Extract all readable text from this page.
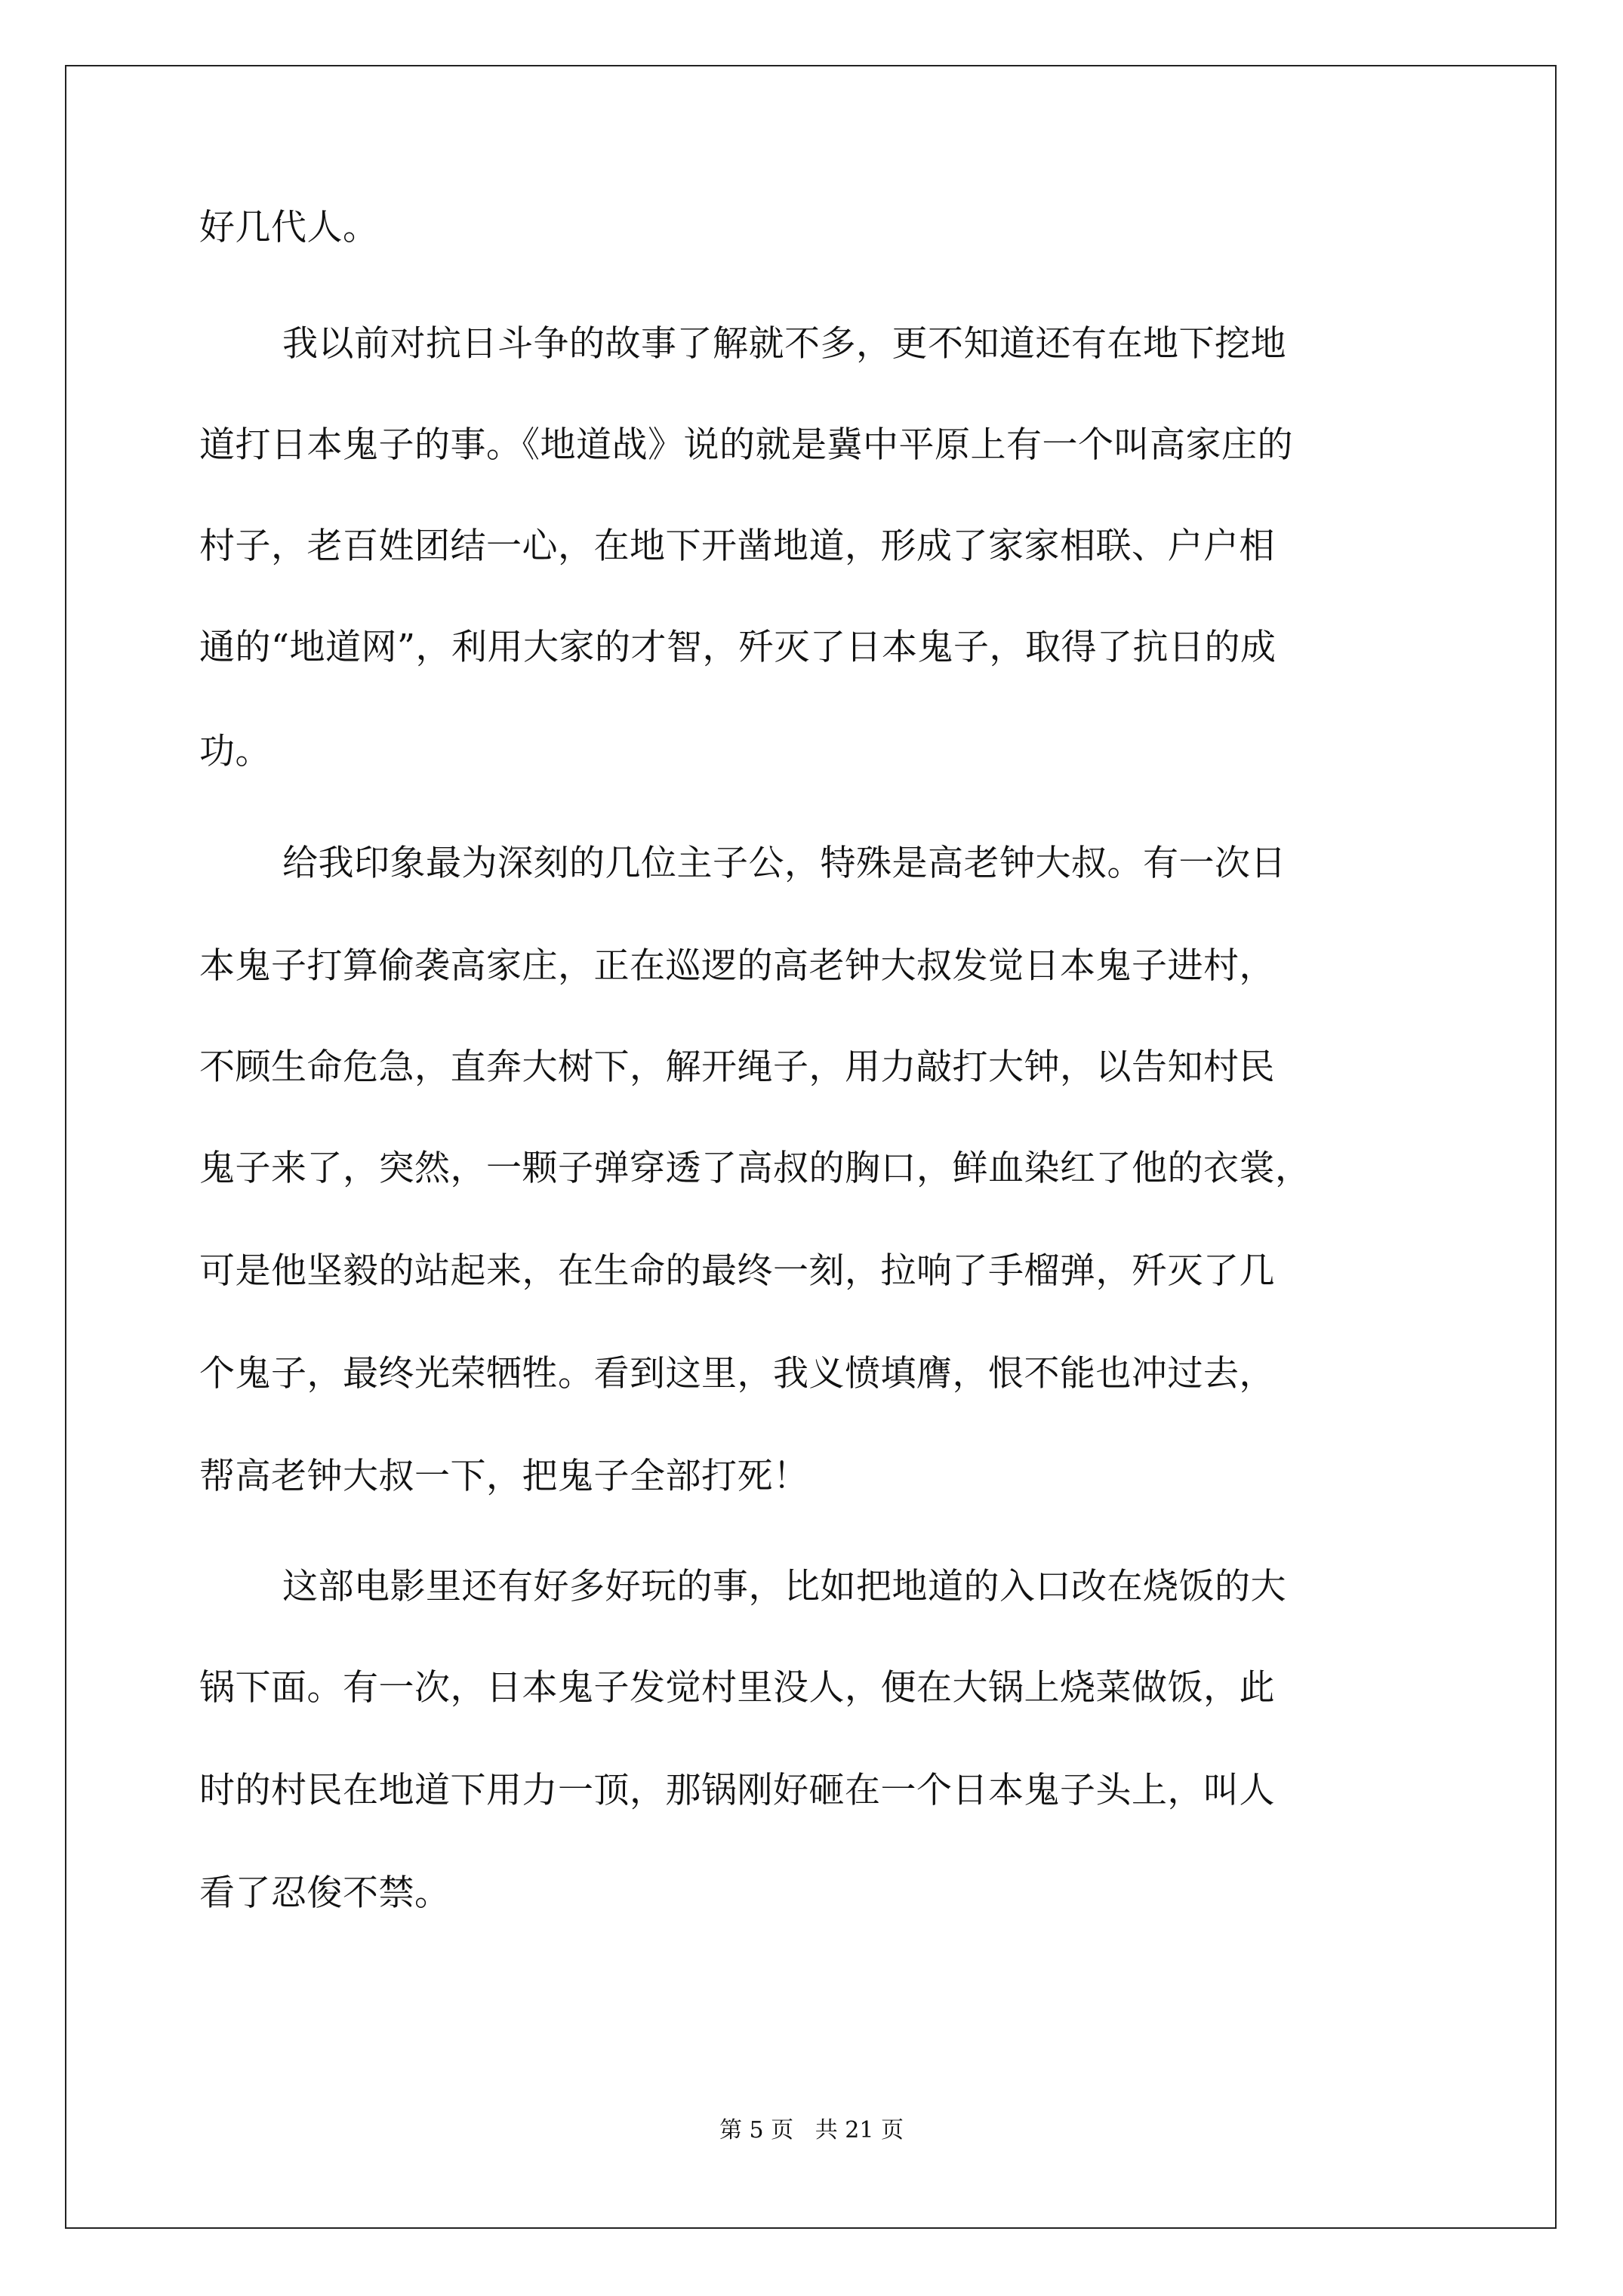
好几代人。
我以前对抗日斗争的故事了解就不多，更不知道还有在地下挖地
道打日本鬼子的事。《地道战》说的就是冀中平原上有一个叫高家庄的
村子，老百姓团结一心，在地下开凿地道，形成了家家相联、户户相
通的“地道网”，利用大家的才智，歼灭了日本鬼子，取得了抗日的成
功。
给我印象最为深刻的几位主子公，特殊是高老钟大叔。有一次日
本鬼子打算偷袭高家庄，正在巡逻的高老钟大叔发觉日本鬼子进村，
不顾生命危急，直奔大树下，解开绳子，用力敲打大钟，以告知村民
鬼子来了，突然，一颗子弹穿透了高叔的胸口，鲜血染红了他的衣裳，
可是他坚毅的站起来，在生命的最终一刻，拉响了手榴弹，歼灭了几
个鬼子，最终光荣牺牲。看到这里，我义愤填膺，恨不能也冲过去，
帮高老钟大叔一下，把鬼子全部打死！
这部电影里还有好多好玩的事，比如把地道的入口改在烧饭的大
锅下面。有一次，日本鬼子发觉村里没人，便在大锅上烧菜做饭，此
时的村民在地道下用力一顶，那锅刚好砸在一个日本鬼子头上，叫人
看了忍俊不禁。
第 5 页 共 21 页
